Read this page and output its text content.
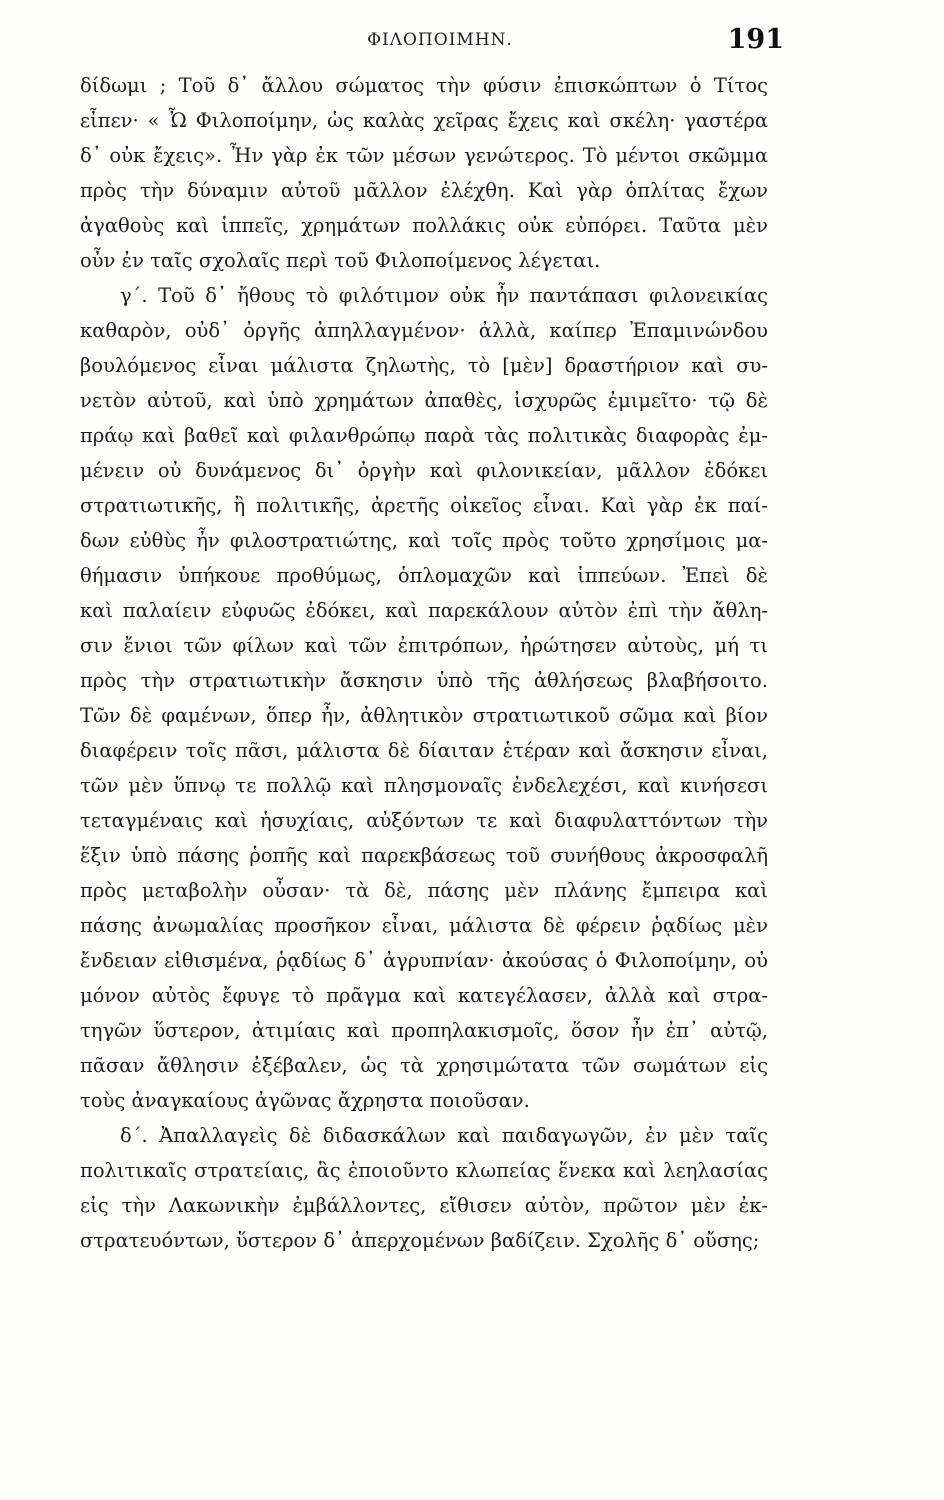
ΦΙΛΟΠΟΙΜΗΝ.	191
δίδωμι ; Τοῦ δ᾽ ἄλλου σώματος τὴν φύσιν ἐπισκώπτων ὁ Τίτος
εἶπεν· « Ὦ Φιλοποίμην, ὡς καλὰς χεῖρας ἔχεις καὶ σκέλη· γαστέρα
δ᾽ οὐκ ἔχεις». Ἦν γὰρ ἐκ τῶν μέσων γενώτερος. Τὸ μέντοι σκῶμμα
πρὸς τὴν δύναμιν αὐτοῦ μᾶλλον ἐλέχθη. Καὶ γὰρ ὁπλίτας ἔχων
ἀγαθοὺς καὶ ἱππεῖς, χρημάτων πολλάκις οὐκ εὐπόρει. Ταῦτα μὲν
οὖν ἐν ταῖς σχολαῖς περὶ τοῦ Φιλοποίμενος λέγεται.
γ΄. Τοῦ δ᾽ ἤθους τὸ φιλότιμον οὐκ ἦν παντάπασι φιλονεικίας
καθαρὸν, οὐδ᾽ ὀργῆς ἀπηλλαγμένον· ἀλλὰ, καίπερ Ἐπαμινώνδου
βουλόμενος εἶναι μάλιστα ζηλωτὴς, τὸ [μὲν] δραστήριον καὶ συ-
νετὸν αὐτοῦ, καὶ ὑπὸ χρημάτων ἀπαθὲς, ἰσχυρῶς ἐμιμεῖτο· τῷ δὲ
πράῳ καὶ βαθεῖ καὶ φιλανθρώπῳ παρὰ τὰς πολιτικὰς διαφορὰς ἐμ-
μένειν οὐ δυνάμενος δι᾽ ὀργὴν καὶ φιλονικείαν, μᾶλλον ἐδόκει
στρατιωτικῆς, ἢ πολιτικῆς, ἀρετῆς οἰκεῖος εἶναι. Καὶ γὰρ ἐκ παί-
δων εὐθὺς ἦν φιλοστρατιώτης, καὶ τοῖς πρὸς τοῦτο χρησίμοις μα-
θήμασιν ὑπήκουε προθύμως, ὁπλομαχῶν καὶ ἱππεύων. Ἐπεὶ δὲ
καὶ παλαίειν εὐφυῶς ἐδόκει, καὶ παρεκάλουν αὐτὸν ἐπὶ τὴν ἄθλη-
σιν ἔνιοι τῶν φίλων καὶ τῶν ἐπιτρόπων, ἠρώτησεν αὐτοὺς, μή τι
πρὸς τὴν στρατιωτικὴν ἄσκησιν ὑπὸ τῆς ἀθλήσεως βλαβήσοιτο.
Τῶν δὲ φαμένων, ὅπερ ἦν, ἀθλητικὸν στρατιωτικοῦ σῶμα καὶ βίον
διαφέρειν τοῖς πᾶσι, μάλιστα δὲ δίαιταν ἑτέραν καὶ ἄσκησιν εἶναι,
τῶν μὲν ὕπνῳ τε πολλῷ καὶ πλησμοναῖς ἐνδελεχέσι, καὶ κινήσεσι
τεταγμέναις καὶ ἡσυχίαις, αὐξόντων τε καὶ διαφυλαττόντων τὴν
ἕξιν ὑπὸ πάσης ῥοπῆς καὶ παρεκβάσεως τοῦ συνήθους ἀκροσφαλῆ
πρὸς μεταβολὴν οὖσαν· τὰ δὲ, πάσης μὲν πλάνης ἔμπειρα καὶ
πάσης ἀνωμαλίας προσῆκον εἶναι, μάλιστα δὲ φέρειν ῥᾳδίως μὲν
ἔνδειαν εἰθισμένα, ῥᾳδίως δ᾽ ἀγρυπνίαν· ἀκούσας ὁ Φιλοποίμην, οὐ
μόνον αὐτὸς ἔφυγε τὸ πρᾶγμα καὶ κατεγέλασεν, ἀλλὰ καὶ στρα-
τηγῶν ὕστερον, ἀτιμίαις καὶ προπηλακισμοῖς, ὅσον ἦν ἐπ᾽ αὐτῷ,
πᾶσαν ἄθλησιν ἐξέβαλεν, ὡς τὰ χρησιμώτατα τῶν σωμάτων εἰς
τοὺς ἀναγκαίους ἀγῶνας ἄχρηστα ποιοῦσαν.
δ΄. Ἀπαλλαγεὶς δὲ διδασκάλων καὶ παιδαγωγῶν, ἐν μὲν ταῖς
πολιτικαῖς στρατείαις, ἃς ἐποιοῦντο κλωπείας ἕνεκα καὶ λεηλασίας
εἰς τὴν Λακωνικὴν ἐμβάλλοντες, εἴθισεν αὐτὸν, πρῶτον μὲν ἐκ-
στρατευόντων, ὕστερον δ᾽ ἀπερχομένων βαδίζειν. Σχολῆς δ᾽ οὔσης;
